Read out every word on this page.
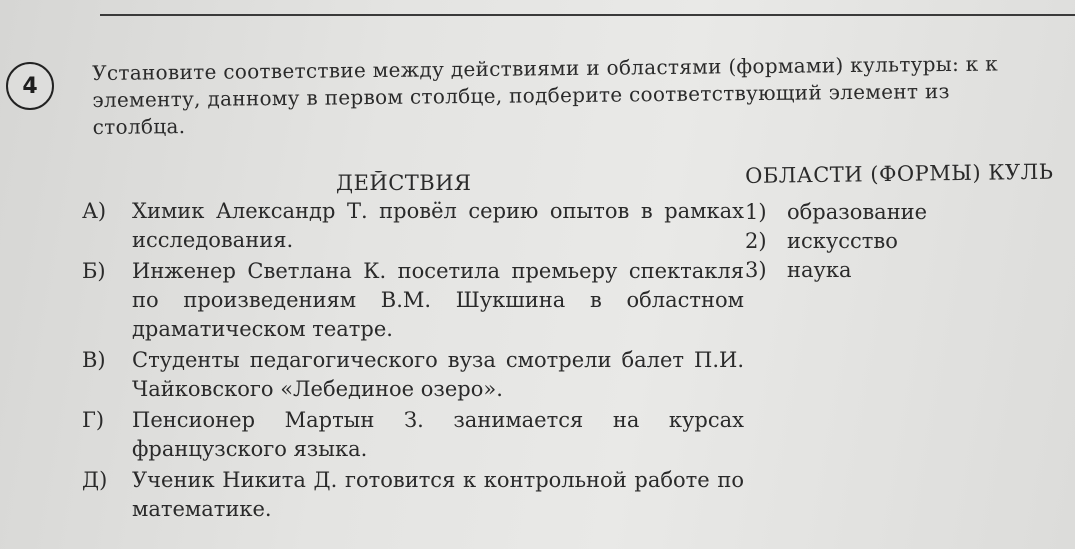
4
Установите соответствие между действиями и областями (формами) культуры: к к
элементу, данному в первом столбце, подберите соответствующий элемент из
столбца.
ДЕЙСТВИЯ	ОБЛАСТИ (ФОРМЫ) КУЛЬ
А) Химик Александр Т. провёл серию опытов в рамках исследования.
Б) Инженер Светлана К. посетила премьеру спектакля по произведениям В.М. Шукшина в областном драматическом театре.
В) Студенты педагогического вуза смотрели балет П.И. Чайковского «Лебединое озеро».
Г) Пенсионер Мартын З. занимается на курсах французского языка.
Д) Ученик Никита Д. готовится к контрольной работе по математике.
1) образование
2) искусство
3) наука
